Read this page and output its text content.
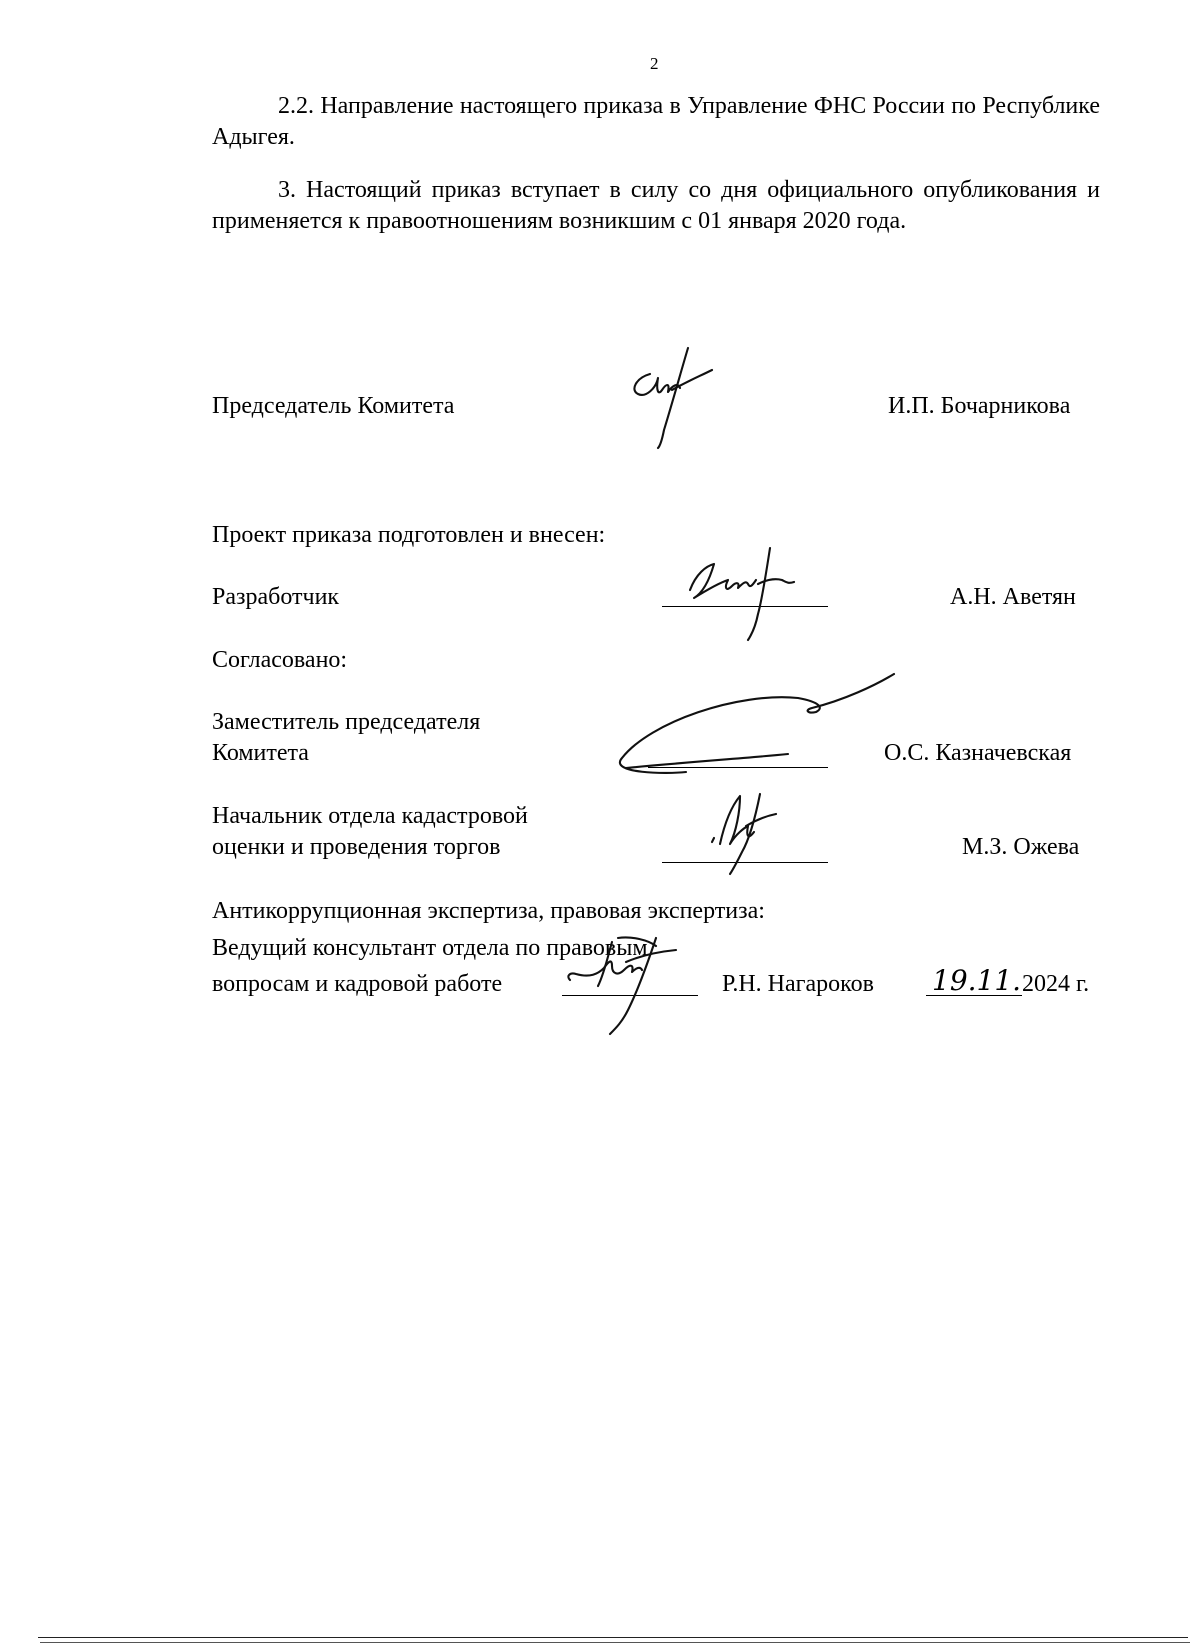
2
2.2. Направление настоящего приказа в Управление ФНС России по Республике Адыгея.
3. Настоящий приказ вступает в силу со дня официального опубликования и применяется к правоотношениям возникшим с 01 января 2020 года.
Председатель Комитета	И.П. Бочарникова
Проект приказа подготовлен и внесен:
Разработчик	А.Н. Аветян
Согласовано:
Заместитель председателя
Комитета	О.С. Казначевская
Начальник отдела кадастровой
оценки и проведения торгов	М.З. Ожева
Антикоррупционная экспертиза, правовая экспертиза:
Ведущий консультант отдела по правовым
вопросам и кадровой работе	Р.Н. Нагароков 19.11. 2024 г.
